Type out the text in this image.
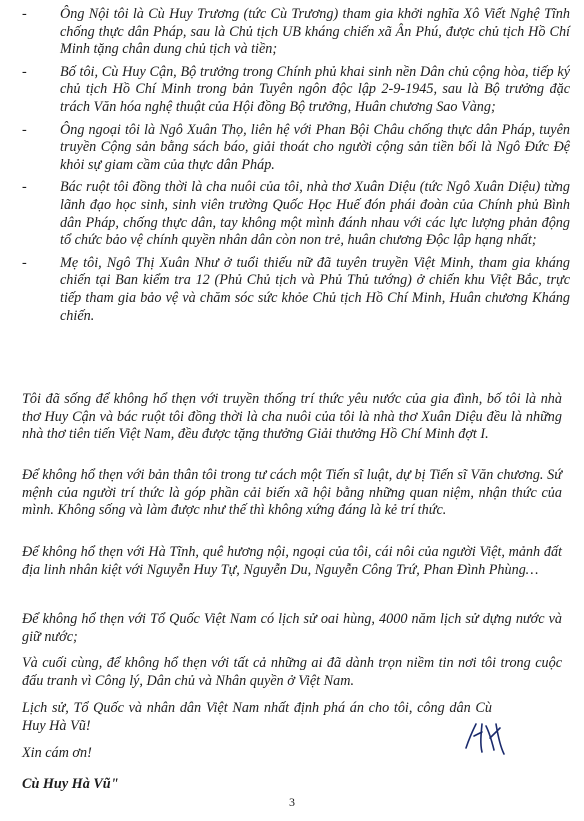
- Ông Nội tôi là Cù Huy Trương (tức Cù Trương) tham gia khởi nghĩa Xô Viết Nghệ Tĩnh chống thực dân Pháp, sau là Chủ tịch UB kháng chiến xã Ân Phú, được chủ tịch Hồ Chí Minh tặng chân dung chủ tịch và tiền;
- Bố tôi, Cù Huy Cận, Bộ trưởng trong Chính phủ khai sinh nền Dân chủ cộng hòa, tiếp ký chủ tịch Hồ Chí Minh trong bản Tuyên ngôn độc lập 2-9-1945, sau là Bộ trưởng đặc trách Văn hóa nghệ thuật của Hội đồng Bộ trưởng, Huân chương Sao Vàng;
- Ông ngoại tôi là Ngô Xuân Thọ, liên hệ với Phan Bội Châu chống thực dân Pháp, tuyên truyền Cộng sản bằng sách báo, giải thoát cho người cộng sản tiền bối là Ngô Đức Đệ khỏi sự giam cầm của thực dân Pháp.
- Bác ruột tôi đồng thời là cha nuôi của tôi, nhà thơ Xuân Diệu (tức Ngô Xuân Diệu) từng lãnh đạo học sinh, sinh viên trường Quốc Học Huế đón phái đoàn của Chính phủ Bình dân Pháp, chống thực dân, tay không một mình đánh nhau với các lực lượng phản động tổ chức bảo vệ chính quyền nhân dân còn non trẻ, huân chương Độc lập hạng nhất;
- Mẹ tôi, Ngô Thị Xuân Như ở tuổi thiếu nữ đã tuyên truyền Việt Minh, tham gia kháng chiến tại Ban kiểm tra 12 (Phủ Chủ tịch và Phủ Thủ tướng) ở chiến khu Việt Bắc, trực tiếp tham gia bảo vệ và chăm sóc sức khỏe Chủ tịch Hồ Chí Minh, Huân chương Kháng chiến.
Tôi đã sống để không hổ thẹn với truyền thống trí thức yêu nước của gia đình, bố tôi là nhà thơ Huy Cận và bác ruột tôi đồng thời là cha nuôi của tôi là nhà thơ Xuân Diệu đều là những nhà thơ tiên tiến Việt Nam, đều được tặng thưởng Giải thưởng Hồ Chí Minh đợt I.
Để không hổ thẹn với bản thân tôi trong tư cách một Tiến sĩ luật, dự bị Tiến sĩ Văn chương. Sứ mệnh của người trí thức là góp phần cải biến xã hội bằng những quan niệm, nhận thức của mình. Không sống và làm được như thế thì không xứng đáng là kẻ trí thức.
Để không hổ thẹn với Hà Tĩnh, quê hương nội, ngoại của tôi, cái nôi của người Việt, mảnh đất địa linh nhân kiệt với Nguyễn Huy Tự, Nguyễn Du, Nguyễn Công Trứ, Phan Đình Phùng…
Để không hổ thẹn với Tổ Quốc Việt Nam có lịch sử oai hùng, 4000 năm lịch sử dựng nước và giữ nước;
Và cuối cùng, để không hổ thẹn với tất cả những ai đã dành trọn niềm tin nơi tôi trong cuộc đấu tranh vì Công lý, Dân chủ và Nhân quyền ở Việt Nam.
Lịch sử, Tổ Quốc và nhân dân Việt Nam nhất định phá án cho tôi, công dân Cù Huy Hà Vũ!
Xin cám ơn!
Cù Huy Hà Vũ"
3
